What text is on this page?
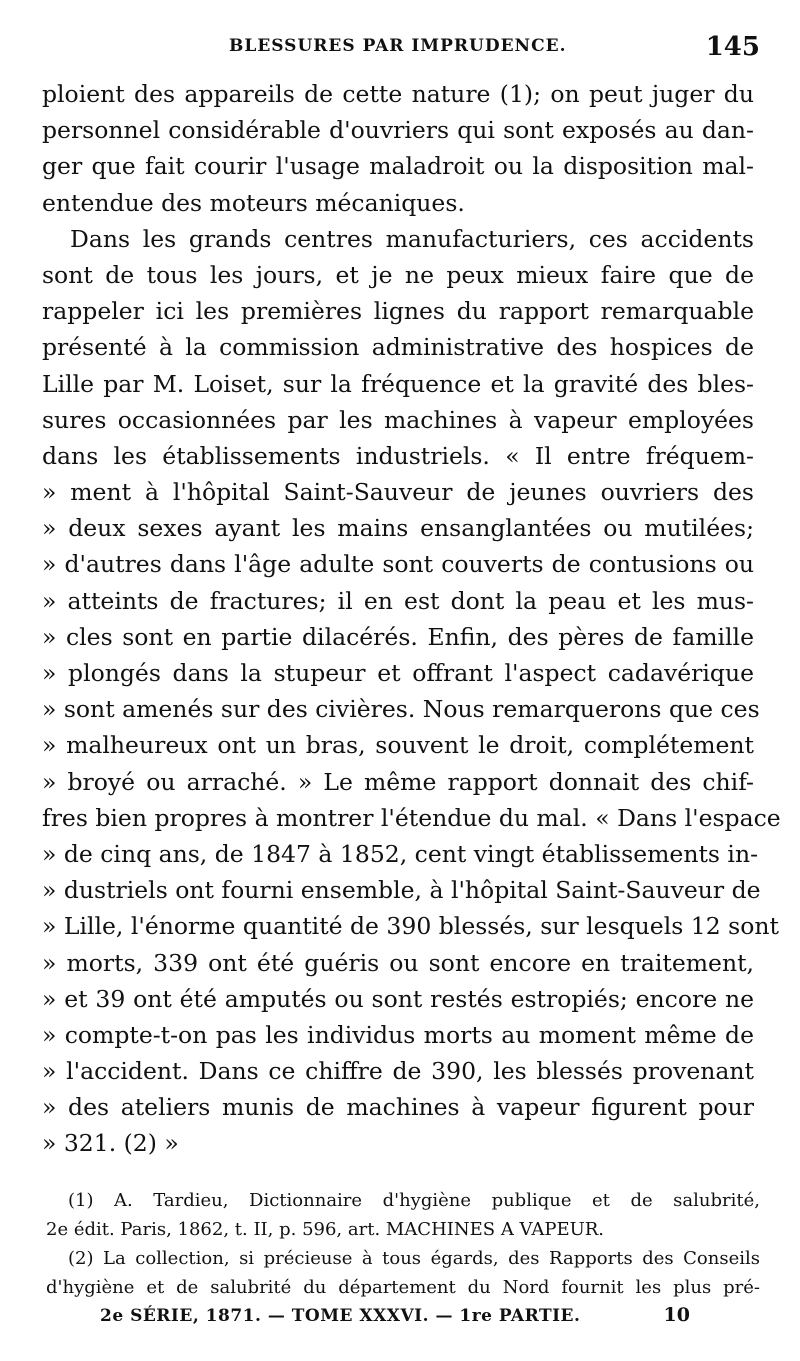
BLESSURES PAR IMPRUDENCE.	145
ploient des appareils de cette nature (1); on peut juger du
personnel considérable d'ouvriers qui sont exposés au dan-
ger que fait courir l'usage maladroit ou la disposition mal-
entendue des moteurs mécaniques.
Dans les grands centres manufacturiers, ces accidents
sont de tous les jours, et je ne peux mieux faire que de
rappeler ici les premières lignes du rapport remarquable
présenté à la commission administrative des hospices de
Lille par M. Loiset, sur la fréquence et la gravité des bles-
sures occasionnées par les machines à vapeur employées
dans les établissements industriels. « Il entre fréquem-
» ment à l'hôpital Saint-Sauveur de jeunes ouvriers des
» deux sexes ayant les mains ensanglantées ou mutilées;
» d'autres dans l'âge adulte sont couverts de contusions ou
» atteints de fractures; il en est dont la peau et les mus-
» cles sont en partie dilacérés. Enfin, des pères de famille
» plongés dans la stupeur et offrant l'aspect cadavérique
» sont amenés sur des civières. Nous remarquerons que ces
» malheureux ont un bras, souvent le droit, complétement
» broyé ou arraché. » Le même rapport donnait des chif-
fres bien propres à montrer l'étendue du mal. « Dans l'espace
» de cinq ans, de 1847 à 1852, cent vingt établissements in-
» dustriels ont fourni ensemble, à l'hôpital Saint-Sauveur de
» Lille, l'énorme quantité de 390 blessés, sur lesquels 12 sont
» morts, 339 ont été guéris ou sont encore en traitement,
» et 39 ont été amputés ou sont restés estropiés; encore ne
» compte-t-on pas les individus morts au moment même de
» l'accident. Dans ce chiffre de 390, les blessés provenant
» des ateliers munis de machines à vapeur figurent pour
» 321. (2) »
(1) A. Tardieu, Dictionnaire d'hygiène publique et de salubrité,
2e édit. Paris, 1862, t. II, p. 596, art. MACHINES A VAPEUR.
(2) La collection, si précieuse à tous égards, des Rapports des Conseils
d'hygiène et de salubrité du département du Nord fournit les plus pré-
2e SÉRIE, 1871. — TOME XXXVI. — 1re PARTIE.	10
